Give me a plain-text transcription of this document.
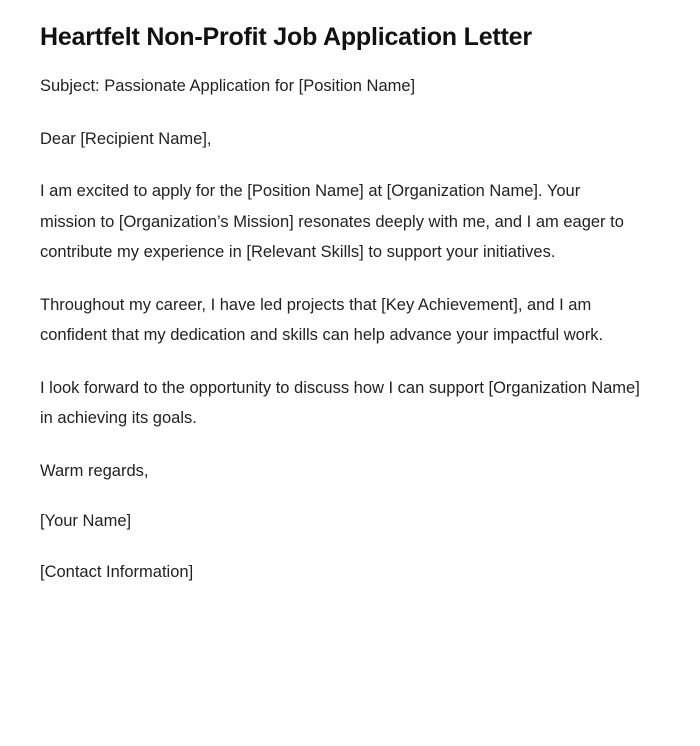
Heartfelt Non-Profit Job Application Letter

Subject: Passionate Application for [Position Name]

Dear [Recipient Name],

I am excited to apply for the [Position Name] at [Organization Name]. Your mission to [Organization’s Mission] resonates deeply with me, and I am eager to contribute my experience in [Relevant Skills] to support your initiatives.

Throughout my career, I have led projects that [Key Achievement], and I am confident that my dedication and skills can help advance your impactful work.

I look forward to the opportunity to discuss how I can support [Organization Name] in achieving its goals.

Warm regards,

[Your Name]

[Contact Information]
